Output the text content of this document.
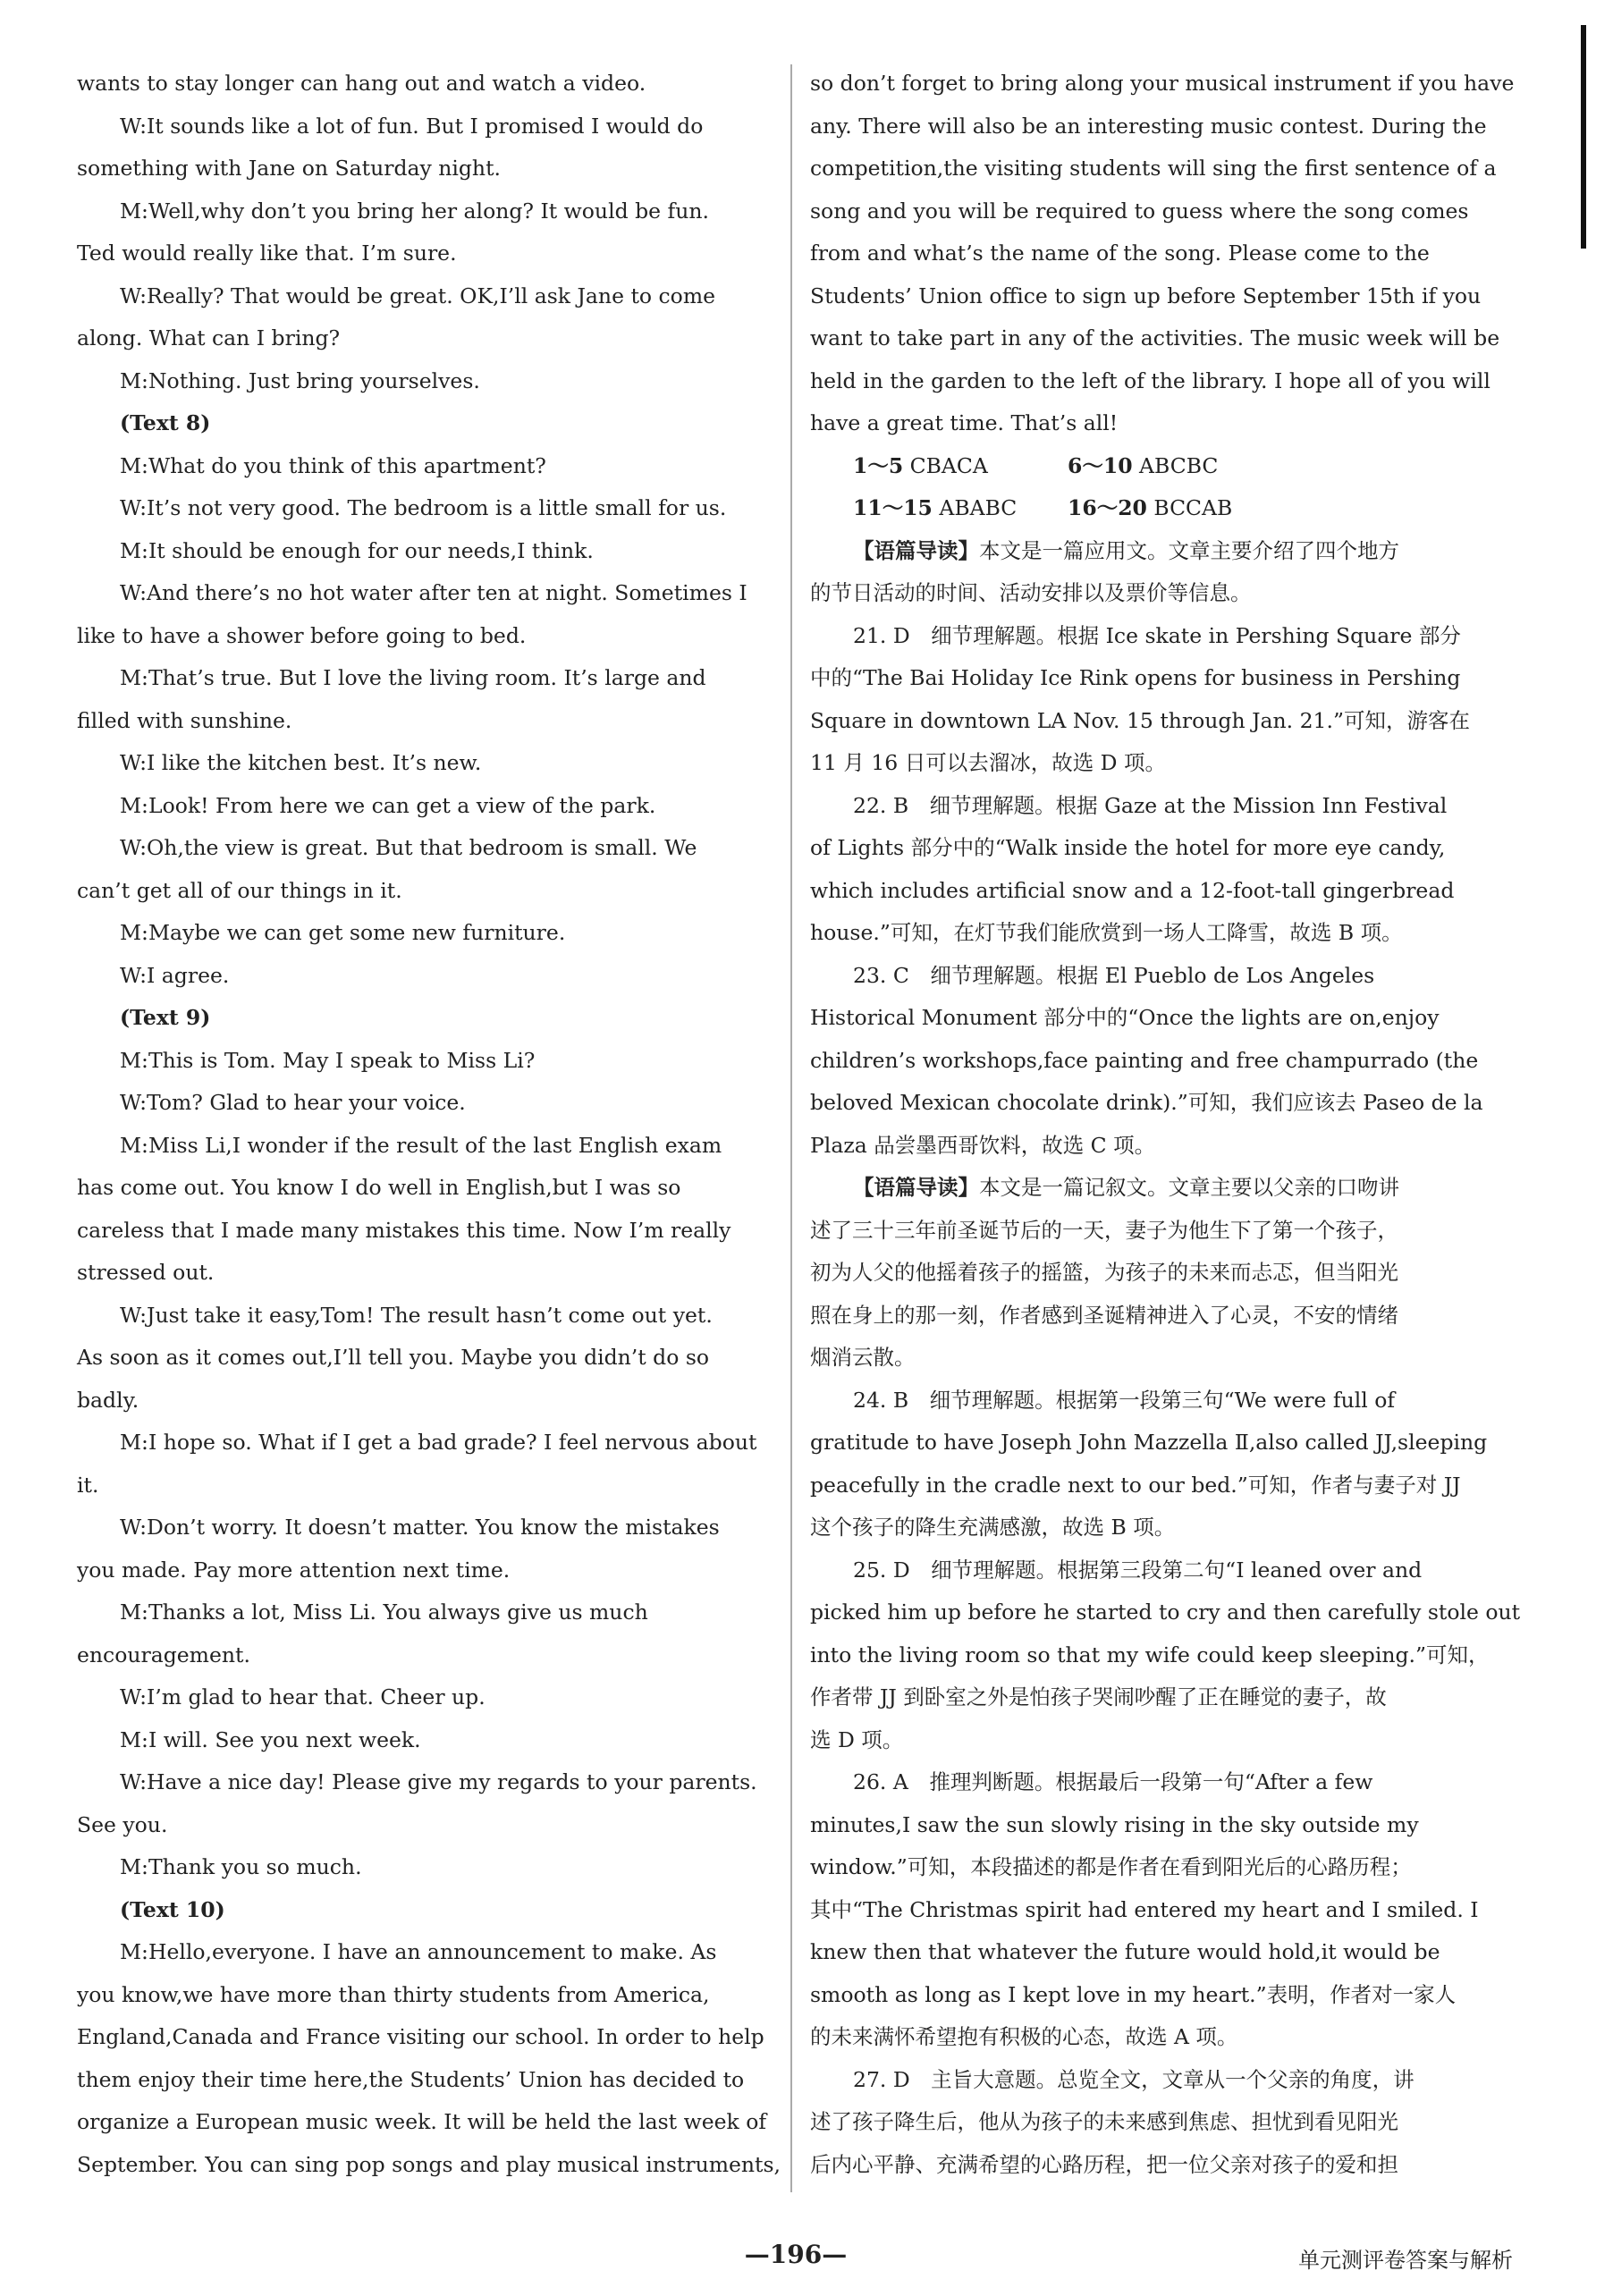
wants to stay longer can hang out and watch a video.
W:It sounds like a lot of fun. But I promised I would do
something with Jane on Saturday night.
M:Well,why don’t you bring her along? It would be fun.
Ted would really like that. I’m sure.
W:Really? That would be great. OK,I’ll ask Jane to come
along. What can I bring?
M:Nothing. Just bring yourselves.
(Text 8)
M:What do you think of this apartment?
W:It’s not very good. The bedroom is a little small for us.
M:It should be enough for our needs,I think.
W:And there’s no hot water after ten at night. Sometimes I
like to have a shower before going to bed.
M:That’s true. But I love the living room. It’s large and
filled with sunshine.
W:I like the kitchen best. It’s new.
M:Look! From here we can get a view of the park.
W:Oh,the view is great. But that bedroom is small. We
can’t get all of our things in it.
M:Maybe we can get some new furniture.
W:I agree.
(Text 9)
M:This is Tom. May I speak to Miss Li?
W:Tom? Glad to hear your voice.
M:Miss Li,I wonder if the result of the last English exam
has come out. You know I do well in English,but I was so
careless that I made many mistakes this time. Now I’m really
stressed out.
W:Just take it easy,Tom! The result hasn’t come out yet.
As soon as it comes out,I’ll tell you. Maybe you didn’t do so
badly.
M:I hope so. What if I get a bad grade? I feel nervous about
it.
W:Don’t worry. It doesn’t matter. You know the mistakes
you made. Pay more attention next time.
M:Thanks a lot, Miss Li. You always give us much
encouragement.
W:I’m glad to hear that. Cheer up.
M:I will. See you next week.
W:Have a nice day! Please give my regards to your parents.
See you.
M:Thank you so much.
(Text 10)
M:Hello,everyone. I have an announcement to make. As
you know,we have more than thirty students from America,
England,Canada and France visiting our school. In order to help
them enjoy their time here,the Students’ Union has decided to
organize a European music week. It will be held the last week of
September. You can sing pop songs and play musical instruments,
so don’t forget to bring along your musical instrument if you have
any. There will also be an interesting music contest. During the
competition,the visiting students will sing the first sentence of a
song and you will be required to guess where the song comes
from and what’s the name of the song. Please come to the
Students’ Union office to sign up before September 15th if you
want to take part in any of the activities. The music week will be
held in the garden to the left of the library. I hope all of you will
have a great time. That’s all!
1～5 CBACA	6～10 ABCBC
11～15 ABABC 16～20 BCCAB
【语篇导读】本文是一篇应用文。文章主要介绍了四个地方
的节日活动的时间、活动安排以及票价等信息。
21. D　细节理解题。根据 Ice skate in Pershing Square 部分
中的“The Bai Holiday Ice Rink opens for business in Pershing
Square in downtown LA Nov. 15 through Jan. 21.”可知，游客在
11 月 16 日可以去溜冰，故选 D 项。
22. B　细节理解题。根据 Gaze at the Mission Inn Festival
of Lights 部分中的“Walk inside the hotel for more eye candy,
which includes artificial snow and a 12-foot-tall gingerbread
house.”可知，在灯节我们能欣赏到一场人工降雪，故选 B 项。
23. C　细节理解题。根据 El Pueblo de Los Angeles
Historical Monument 部分中的“Once the lights are on,enjoy
children’s workshops,face painting and free champurrado (the
beloved Mexican chocolate drink).”可知，我们应该去 Paseo de la
Plaza 品尝墨西哥饮料，故选 C 项。
【语篇导读】本文是一篇记叙文。文章主要以父亲的口吻讲
述了三十三年前圣诞节后的一天，妻子为他生下了第一个孩子，
初为人父的他摇着孩子的摇篮，为孩子的未来而忐忑，但当阳光
照在身上的那一刻，作者感到圣诞精神进入了心灵，不安的情绪
烟消云散。
24. B　细节理解题。根据第一段第三句“We were full of
gratitude to have Joseph John Mazzella Ⅱ,also called JJ,sleeping
peacefully in the cradle next to our bed.”可知，作者与妻子对 JJ
这个孩子的降生充满感激，故选 B 项。
25. D　细节理解题。根据第三段第二句“I leaned over and
picked him up before he started to cry and then carefully stole out
into the living room so that my wife could keep sleeping.”可知，
作者带 JJ 到卧室之外是怕孩子哭闹吵醒了正在睡觉的妻子，故
选 D 项。
26. A　推理判断题。根据最后一段第一句“After a few
minutes,I saw the sun slowly rising in the sky outside my
window.”可知，本段描述的都是作者在看到阳光后的心路历程；
其中“The Christmas spirit had entered my heart and I smiled. I
knew then that whatever the future would hold,it would be
smooth as long as I kept love in my heart.”表明，作者对一家人
的未来满怀希望抱有积极的心态，故选 A 项。
27. D　主旨大意题。总览全文，文章从一个父亲的角度，讲
述了孩子降生后，他从为孩子的未来感到焦虑、担忧到看见阳光
后内心平静、充满希望的心路历程，把一位父亲对孩子的爱和担
—196—	单元测评卷答案与解析
